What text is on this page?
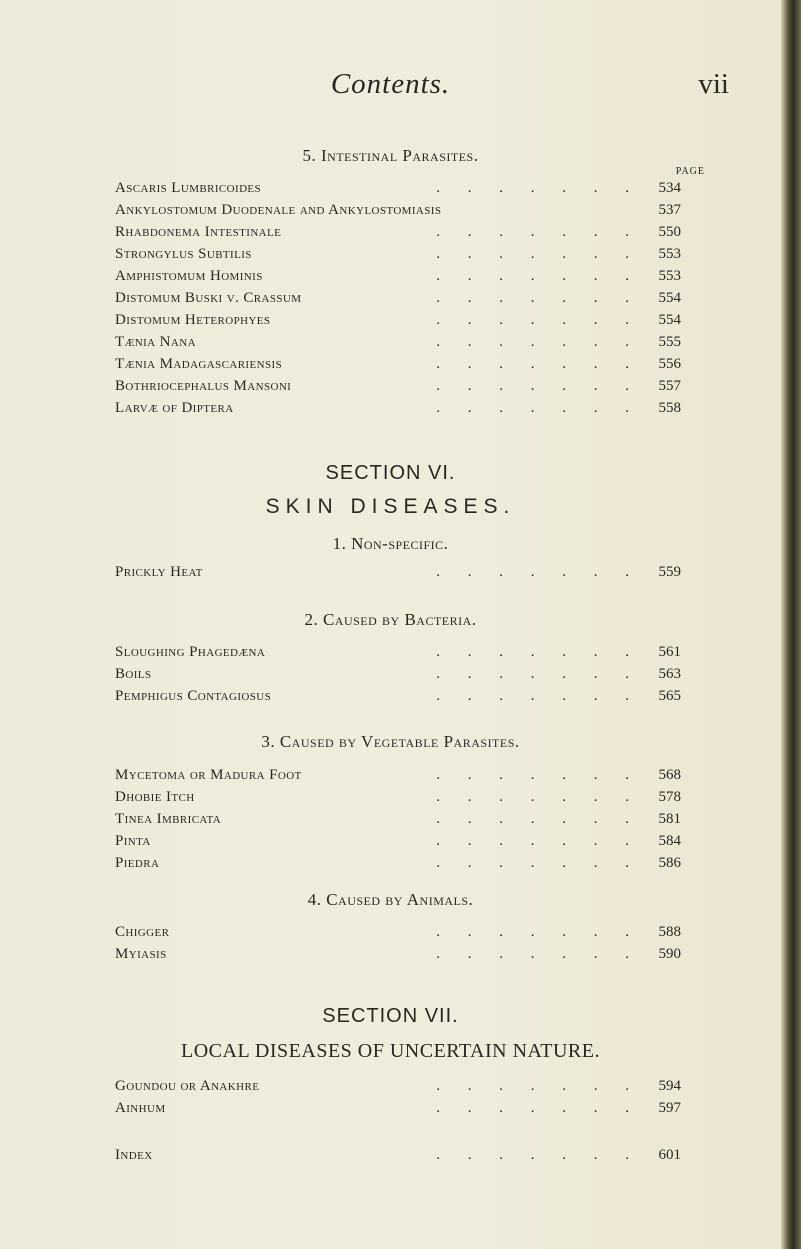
Contents.	vii
5. Intestinal Parasites.
PAGE
Ascaris Lumbricoides	. . . . . . . 534
Ankylostomum Duodenale and Ankylostomiasis	537
Rhabdonema Intestinale	. . . . . . . 550
Strongylus Subtilis	. . . . . . . 553
Amphistomum Hominis	. . . . . . . 553
Distomum Buski v. Crassum	. . . . . . . 554
Distomum Heterophyes	. . . . . . . 554
Tænia Nana	. . . . . . . 555
Tænia Madagascariensis	. . . . . . . 556
Bothriocephalus Mansoni	. . . . . . . 557
Larvæ of Diptera	. . . . . . . 558
SECTION VI.
SKIN DISEASES.
1. Non-specific.
Prickly Heat	. . . . . . . 559
2. Caused by Bacteria.
Sloughing Phagedæna	. . . . . . . 561
Boils	. . . . . . . 563
Pemphigus Contagiosus	. . . . . . . 565
3. Caused by Vegetable Parasites.
Mycetoma or Madura Foot	. . . . . . . 568
Dhobie Itch	. . . . . . . 578
Tinea Imbricata	. . . . . . . 581
Pinta	. . . . . . . 584
Piedra	. . . . . . . 586
4. Caused by Animals.
Chigger	. . . . . . . 588
Myiasis	. . . . . . . 590
SECTION VII.
LOCAL DISEASES OF UNCERTAIN NATURE.
Goundou or Anakhre	. . . . . . . 594
Ainhum	. . . . . . . 597
Index	. . . . . . . 601
